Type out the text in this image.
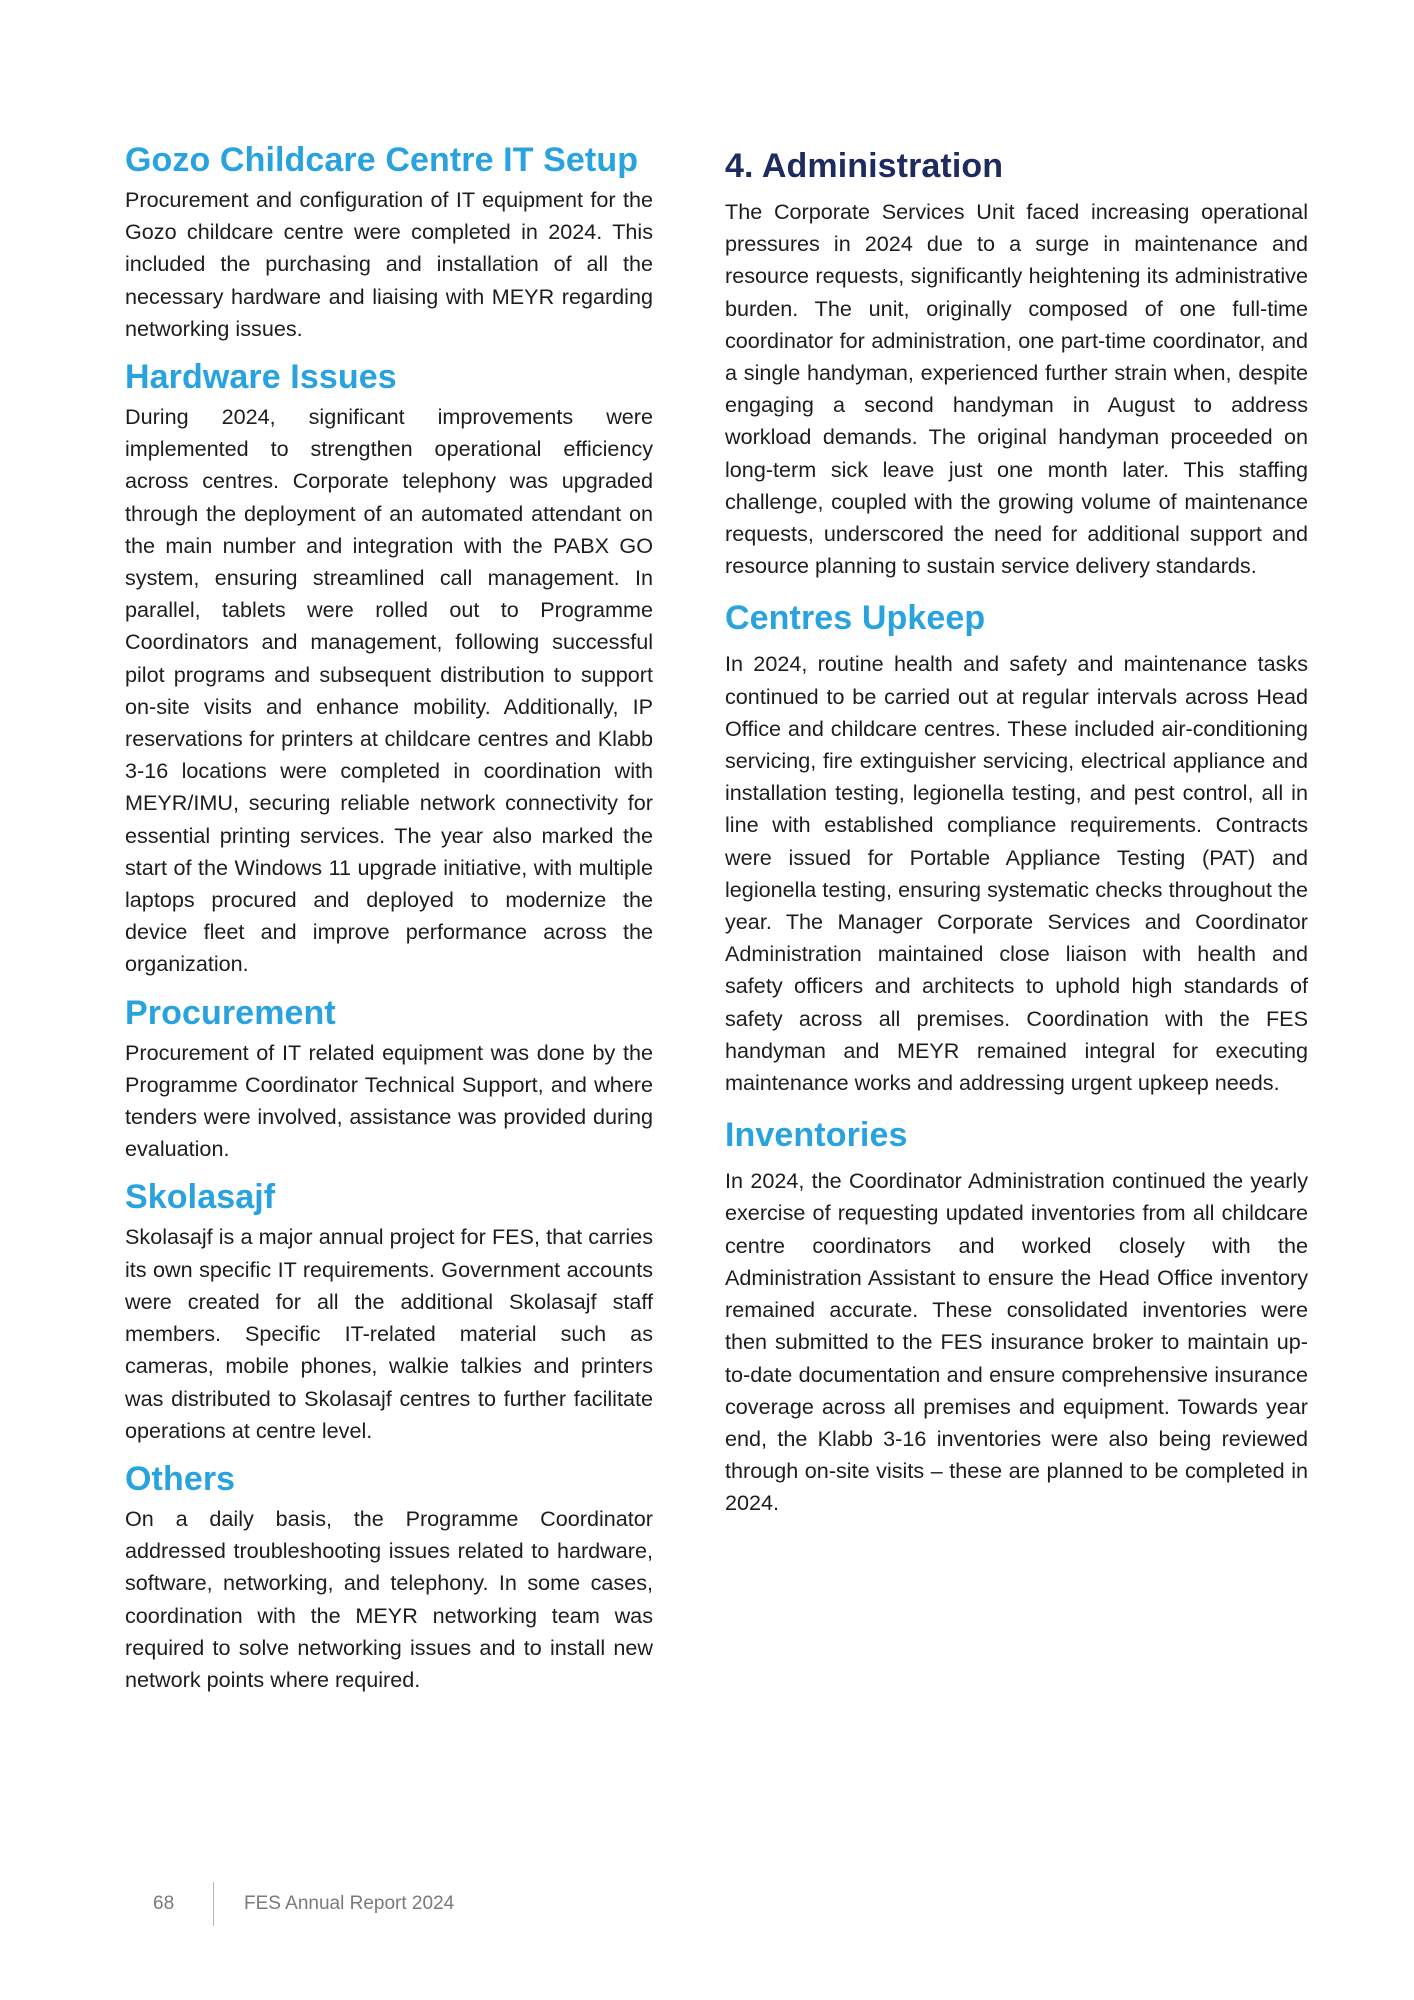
Gozo Childcare Centre IT Setup

Procurement and configuration of IT equipment for the Gozo childcare centre were completed in 2024. This included the purchasing and installation of all the necessary hardware and liaising with MEYR regarding networking issues.

Hardware Issues

During 2024, significant improvements were implemented to strengthen operational efficiency across centres. Corporate telephony was upgraded through the deployment of an automated attendant on the main number and integration with the PABX GO system, ensuring streamlined call management. In parallel, tablets were rolled out to Programme Coordinators and management, following successful pilot programs and subsequent distribution to support on-site visits and enhance mobility. Additionally, IP reservations for printers at childcare centres and Klabb 3-16 locations were completed in coordination with MEYR/IMU, securing reliable network connectivity for essential printing services. The year also marked the start of the Windows 11 upgrade initiative, with multiple laptops procured and deployed to modernize the device fleet and improve performance across the organization.

Procurement

Procurement of IT related equipment was done by the Programme Coordinator Technical Support, and where tenders were involved, assistance was provided during evaluation.

Skolasajf

Skolasajf is a major annual project for FES, that carries its own specific IT requirements. Government accounts were created for all the additional Skolasajf staff members. Specific IT-related material such as cameras, mobile phones, walkie talkies and printers was distributed to Skolasajf centres to further facilitate operations at centre level.

Others

On a daily basis, the Programme Coordinator addressed troubleshooting issues related to hardware, software, networking, and telephony. In some cases, coordination with the MEYR networking team was required to solve networking issues and to install new network points where required.

4. Administration

The Corporate Services Unit faced increasing operational pressures in 2024 due to a surge in maintenance and resource requests, significantly heightening its administrative burden. The unit, originally composed of one full-time coordinator for administration, one part-time coordinator, and a single handyman, experienced further strain when, despite engaging a second handyman in August to address workload demands. The original handyman proceeded on long-term sick leave just one month later. This staffing challenge, coupled with the growing volume of maintenance requests, underscored the need for additional support and resource planning to sustain service delivery standards.

Centres Upkeep

In 2024, routine health and safety and maintenance tasks continued to be carried out at regular intervals across Head Office and childcare centres. These included air-conditioning servicing, fire extinguisher servicing, electrical appliance and installation testing, legionella testing, and pest control, all in line with established compliance requirements. Contracts were issued for Portable Appliance Testing (PAT) and legionella testing, ensuring systematic checks throughout the year. The Manager Corporate Services and Coordinator Administration maintained close liaison with health and safety officers and architects to uphold high standards of safety across all premises. Coordination with the FES handyman and MEYR remained integral for executing maintenance works and addressing urgent upkeep needs.

Inventories

In 2024, the Coordinator Administration continued the yearly exercise of requesting updated inventories from all childcare centre coordinators and worked closely with the Administration Assistant to ensure the Head Office inventory remained accurate. These consolidated inventories were then submitted to the FES insurance broker to maintain up-to-date documentation and ensure comprehensive insurance coverage across all premises and equipment. Towards year end, the Klabb 3-16 inventories were also being reviewed through on-site visits – these are planned to be completed in 2024.

68	FES Annual Report 2024
